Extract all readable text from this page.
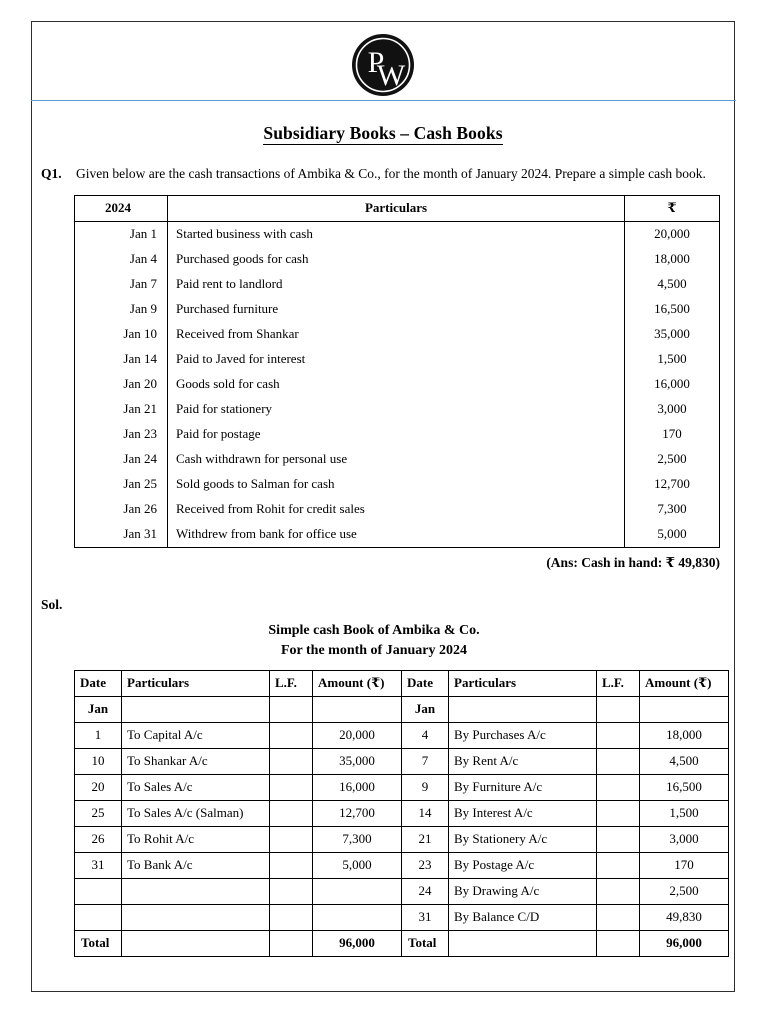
P
W
Subsidiary Books – Cash Books
Q1.	Given below are the cash transactions of Ambika & Co., for the month of January 2024. Prepare a simple cash book.
2024	Particulars	₹
Jan 1	Started business with cash	20,000
Jan 4	Purchased goods for cash	18,000
Jan 7	Paid rent to landlord	4,500
Jan 9	Purchased furniture	16,500
Jan 10	Received from Shankar	35,000
Jan 14	Paid to Javed for interest	1,500
Jan 20	Goods sold for cash	16,000
Jan 21	Paid for stationery	3,000
Jan 23	Paid for postage	170
Jan 24	Cash withdrawn for personal use	2,500
Jan 25	Sold goods to Salman for cash	12,700
Jan 26	Received from Rohit for credit sales	7,300
Jan 31	Withdrew from bank for office use	5,000
(Ans: Cash in hand: ₹ 49,830)
Sol.
Simple cash Book of Ambika & Co.
For the month of January 2024
Date	Particulars	L.F.	Amount (₹)	Date	Particulars	L.F.	Amount (₹)
Jan				Jan			
1	To Capital A/c		20,000	4	By Purchases A/c		18,000
10	To Shankar A/c		35,000	7	By Rent A/c		4,500
20	To Sales A/c		16,000	9	By Furniture A/c		16,500
25	To Sales A/c (Salman)		12,700	14	By Interest A/c		1,500
26	To Rohit A/c		7,300	21	By Stationery A/c		3,000
31	To Bank A/c		5,000	23	By Postage A/c		170
				24	By Drawing A/c		2,500
				31	By Balance C/D		49,830
Total			96,000	Total			96,000
